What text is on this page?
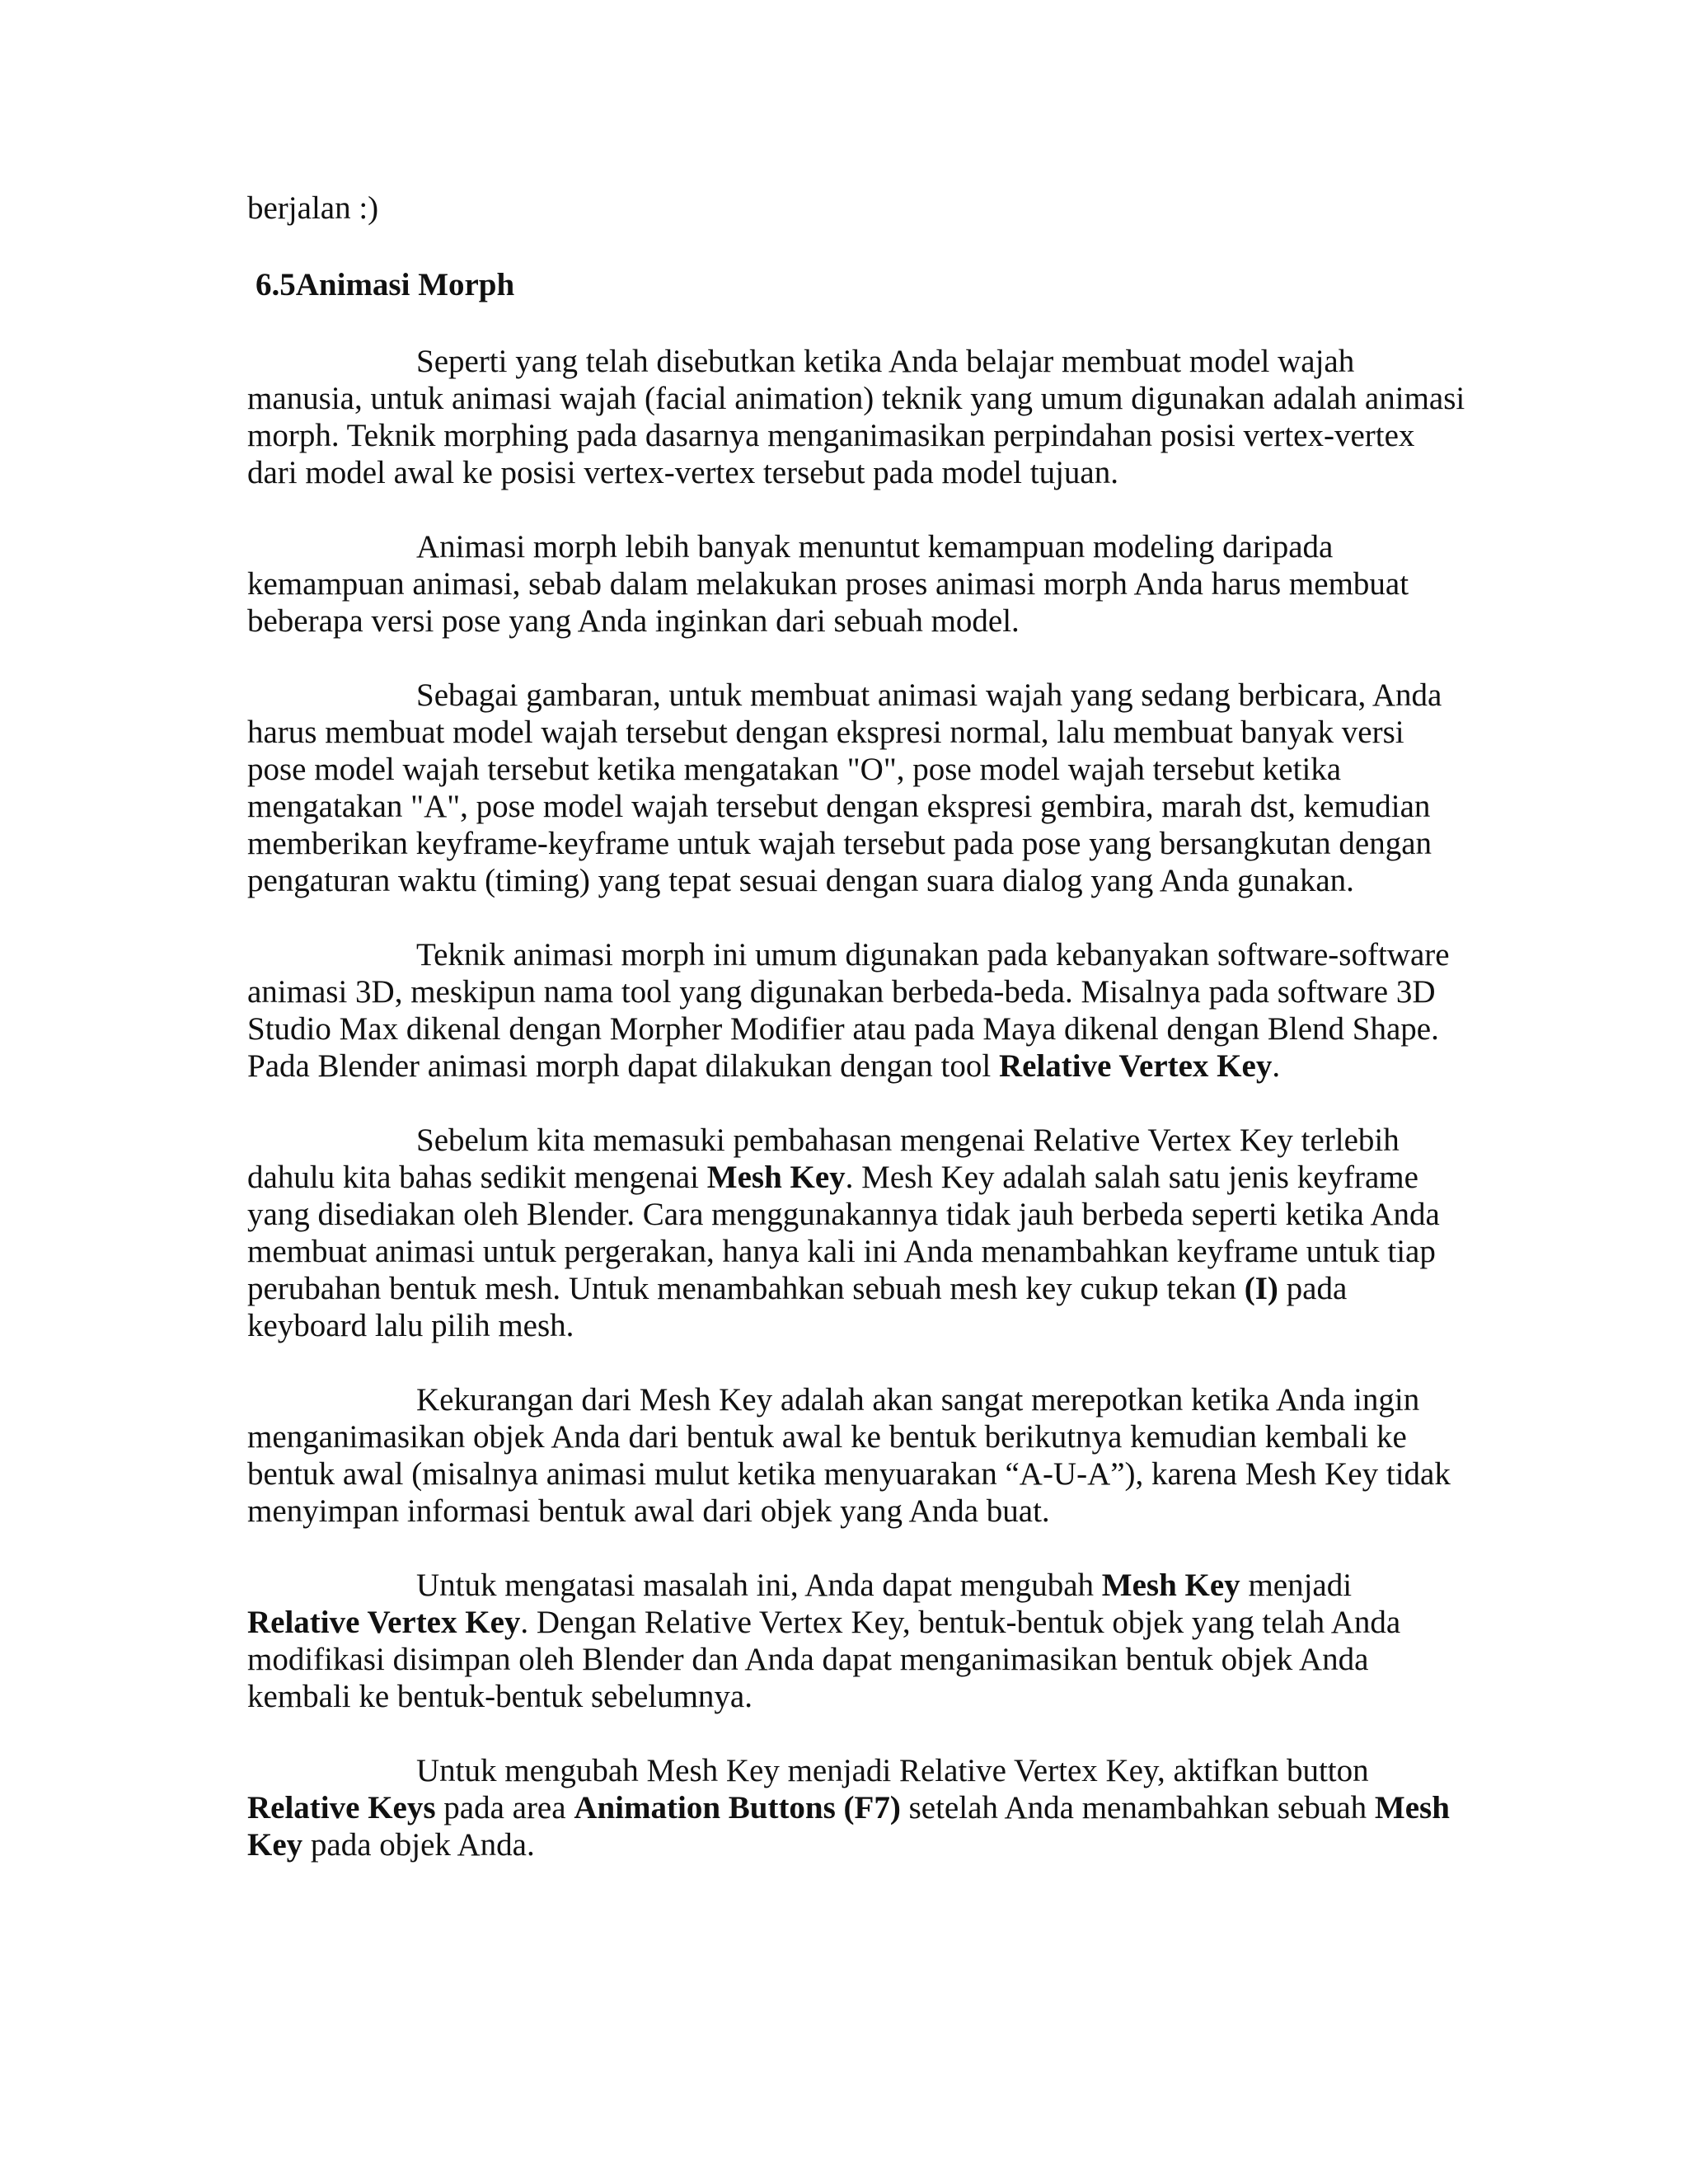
berjalan :)

6.5Animasi Morph

Seperti yang telah disebutkan ketika Anda belajar membuat model wajah manusia, untuk animasi wajah (facial animation) teknik yang umum digunakan adalah animasi morph. Teknik morphing pada dasarnya menganimasikan perpindahan posisi vertex-vertex dari model awal ke posisi vertex-vertex tersebut pada model tujuan.

Animasi morph lebih banyak menuntut kemampuan modeling daripada kemampuan animasi, sebab dalam melakukan proses animasi morph Anda harus membuat beberapa versi pose yang Anda inginkan dari sebuah model.

Sebagai gambaran, untuk membuat animasi wajah yang sedang berbicara, Anda harus membuat model wajah tersebut dengan ekspresi normal, lalu membuat banyak versi pose model wajah tersebut ketika mengatakan "O", pose model wajah tersebut ketika mengatakan "A", pose model wajah tersebut dengan ekspresi gembira, marah dst, kemudian memberikan keyframe-keyframe untuk wajah tersebut pada pose yang bersangkutan dengan pengaturan waktu (timing) yang tepat sesuai dengan suara dialog yang Anda gunakan.

Teknik animasi morph ini umum digunakan pada kebanyakan software-software animasi 3D, meskipun nama tool yang digunakan berbeda-beda. Misalnya pada software 3D Studio Max dikenal dengan Morpher Modifier atau pada Maya dikenal dengan Blend Shape. Pada Blender animasi morph dapat dilakukan dengan tool Relative Vertex Key.

Sebelum kita memasuki pembahasan mengenai Relative Vertex Key terlebih dahulu kita bahas sedikit mengenai Mesh Key. Mesh Key adalah salah satu jenis keyframe yang disediakan oleh Blender. Cara menggunakannya tidak jauh berbeda seperti ketika Anda membuat animasi untuk pergerakan, hanya kali ini Anda menambahkan keyframe untuk tiap perubahan bentuk mesh. Untuk menambahkan sebuah mesh key cukup tekan (I) pada keyboard lalu pilih mesh.

Kekurangan dari Mesh Key adalah akan sangat merepotkan ketika Anda ingin menganimasikan objek Anda dari bentuk awal ke bentuk berikutnya kemudian kembali ke bentuk awal (misalnya animasi mulut ketika menyuarakan “A-U-A”), karena Mesh Key tidak menyimpan informasi bentuk awal dari objek yang Anda buat.

Untuk mengatasi masalah ini, Anda dapat mengubah Mesh Key menjadi Relative Vertex Key. Dengan Relative Vertex Key, bentuk-bentuk objek yang telah Anda modifikasi disimpan oleh Blender dan Anda dapat menganimasikan bentuk objek Anda kembali ke bentuk-bentuk sebelumnya.

Untuk mengubah Mesh Key menjadi Relative Vertex Key, aktifkan button Relative Keys pada area Animation Buttons (F7) setelah Anda menambahkan sebuah Mesh Key pada objek Anda.
